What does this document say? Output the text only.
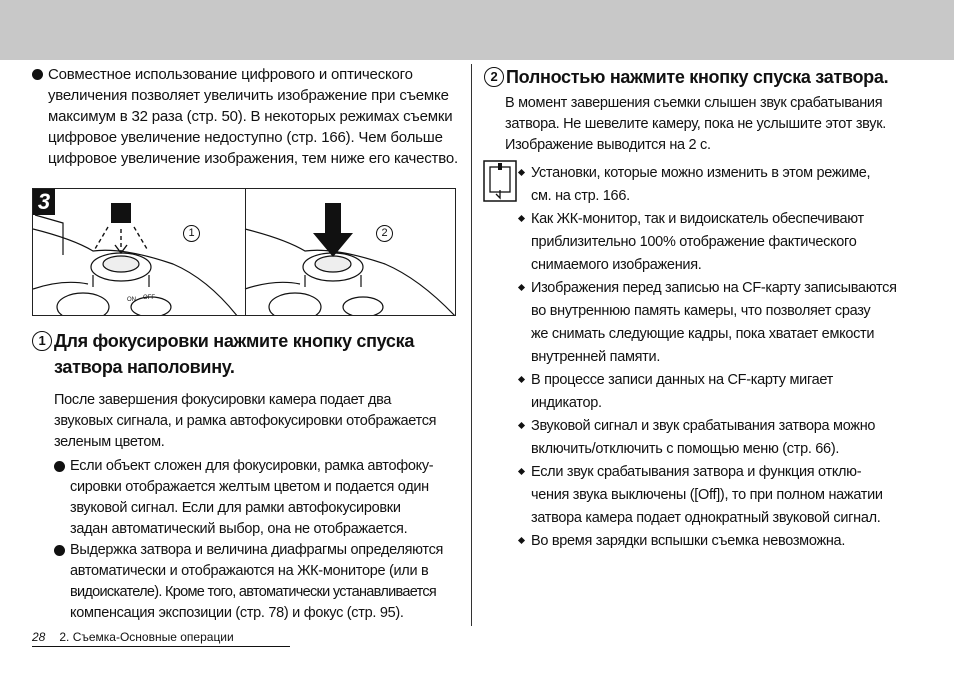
Совместное использование цифрового и оптического
увеличения позволяет увеличить изображение при съемке
максимум в 32 раза (стр. 50). В некоторых режимах съемки
цифровое увеличение недоступно (стр. 166). Чем больше
цифровое увеличение изображения, тем ниже его качество.
ON OFF
3
1	2
1 Для фокусировки нажмите кнопку спуска
затвора наполовину.
После завершения фокусировки камера подает два
звуковых сигнала, и рамка автофокусировки отображается
зеленым цветом.
Если объект сложен для фокусировки, рамка автофоку-
сировки отображается желтым цветом и подается один
звуковой сигнал. Если для рамки автофокусировки
задан автоматический выбор, она не отображается.
Выдержка затвора и величина диафрагмы определяются
автоматически и отображаются на ЖК-мониторе (или в
видоискателе). Кроме того, автоматически устанавливается
компенсация экспозиции (стр. 78) и фокус (стр. 95).
28 2. Съемка-Основные операции
2 Полностью нажмите кнопку спуска затвора.
В момент завершения съемки слышен звук срабатывания
затвора. Не шевелите камеру, пока не услышите этот звук.
Изображение выводится на 2 с.
Установки, которые можно изменить в этом режиме,
см. на стр. 166.
Как ЖК-монитор, так и видоискатель обеспечивают
приблизительно 100% отображение фактического
снимаемого изображения.
Изображения перед записью на CF-карту записываются
во внутреннюю память камеры, что позволяет сразу
же снимать следующие кадры, пока хватает емкости
внутренней памяти.
В процессе записи данных на CF-карту мигает
индикатор.
Звуковой сигнал и звук срабатывания затвора можно
включить/отключить с помощью меню (стр. 66).
Если звук срабатывания затвора и функция отклю-
чения звука выключены ([Off]), то при полном нажатии
затвора камера подает однократный звуковой сигнал.
Во время зарядки вспышки съемка невозможна.
